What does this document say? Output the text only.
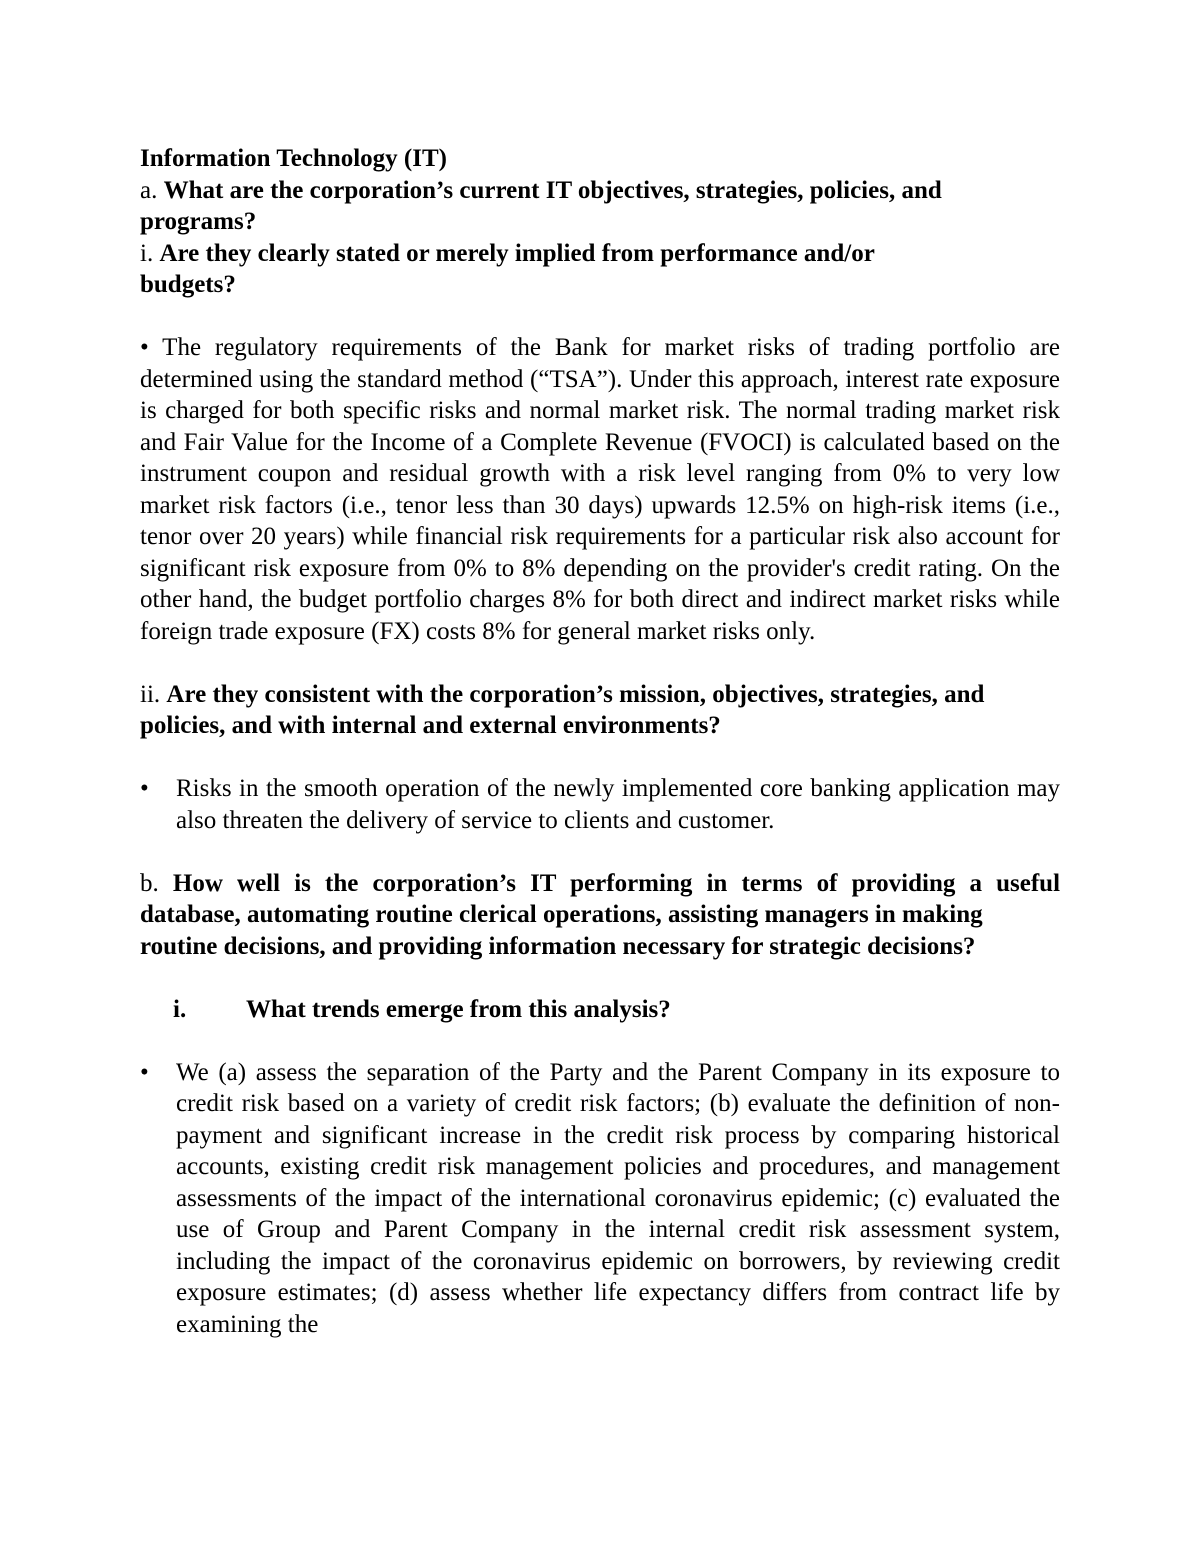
Information Technology (IT)

a. What are the corporation’s current IT objectives, strategies, policies, and programs?

i. Are they clearly stated or merely implied from performance and/or budgets?

• The regulatory requirements of the Bank for market risks of trading portfolio are determined using the standard method (“TSA”). Under this approach, interest rate exposure is charged for both specific risks and normal market risk. The normal trading market risk and Fair Value for the Income of a Complete Revenue (FVOCI) is calculated based on the instrument coupon and residual growth with a risk level ranging from 0% to very low market risk factors (i.e., tenor less than 30 days) upwards 12.5% on high-risk items (i.e., tenor over 20 years) while financial risk requirements for a particular risk also account for significant risk exposure from 0% to 8% depending on the provider's credit rating. On the other hand, the budget portfolio charges 8% for both direct and indirect market risks while foreign trade exposure (FX) costs 8% for general market risks only.

ii. Are they consistent with the corporation’s mission, objectives, strategies, and policies, and with internal and external environments?

•	Risks in the smooth operation of the newly implemented core banking application may also threaten the delivery of service to clients and customer.

b. How well is the corporation’s IT performing in terms of providing a useful database, automating routine clerical operations, assisting managers in making

routine decisions, and providing information necessary for strategic decisions?

i.	What trends emerge from this analysis?
•	We (a) assess the separation of the Party and the Parent Company in its exposure to credit risk based on a variety of credit risk factors; (b) evaluate the definition of non-payment and significant increase in the credit risk process by comparing historical accounts, existing credit risk management policies and procedures, and management assessments of the impact of the international coronavirus epidemic; (c) evaluated the use of Group and Parent Company in the internal credit risk assessment system, including the impact of the coronavirus epidemic on borrowers, by reviewing credit exposure estimates; (d) assess whether life expectancy differs from contract life by examining the
